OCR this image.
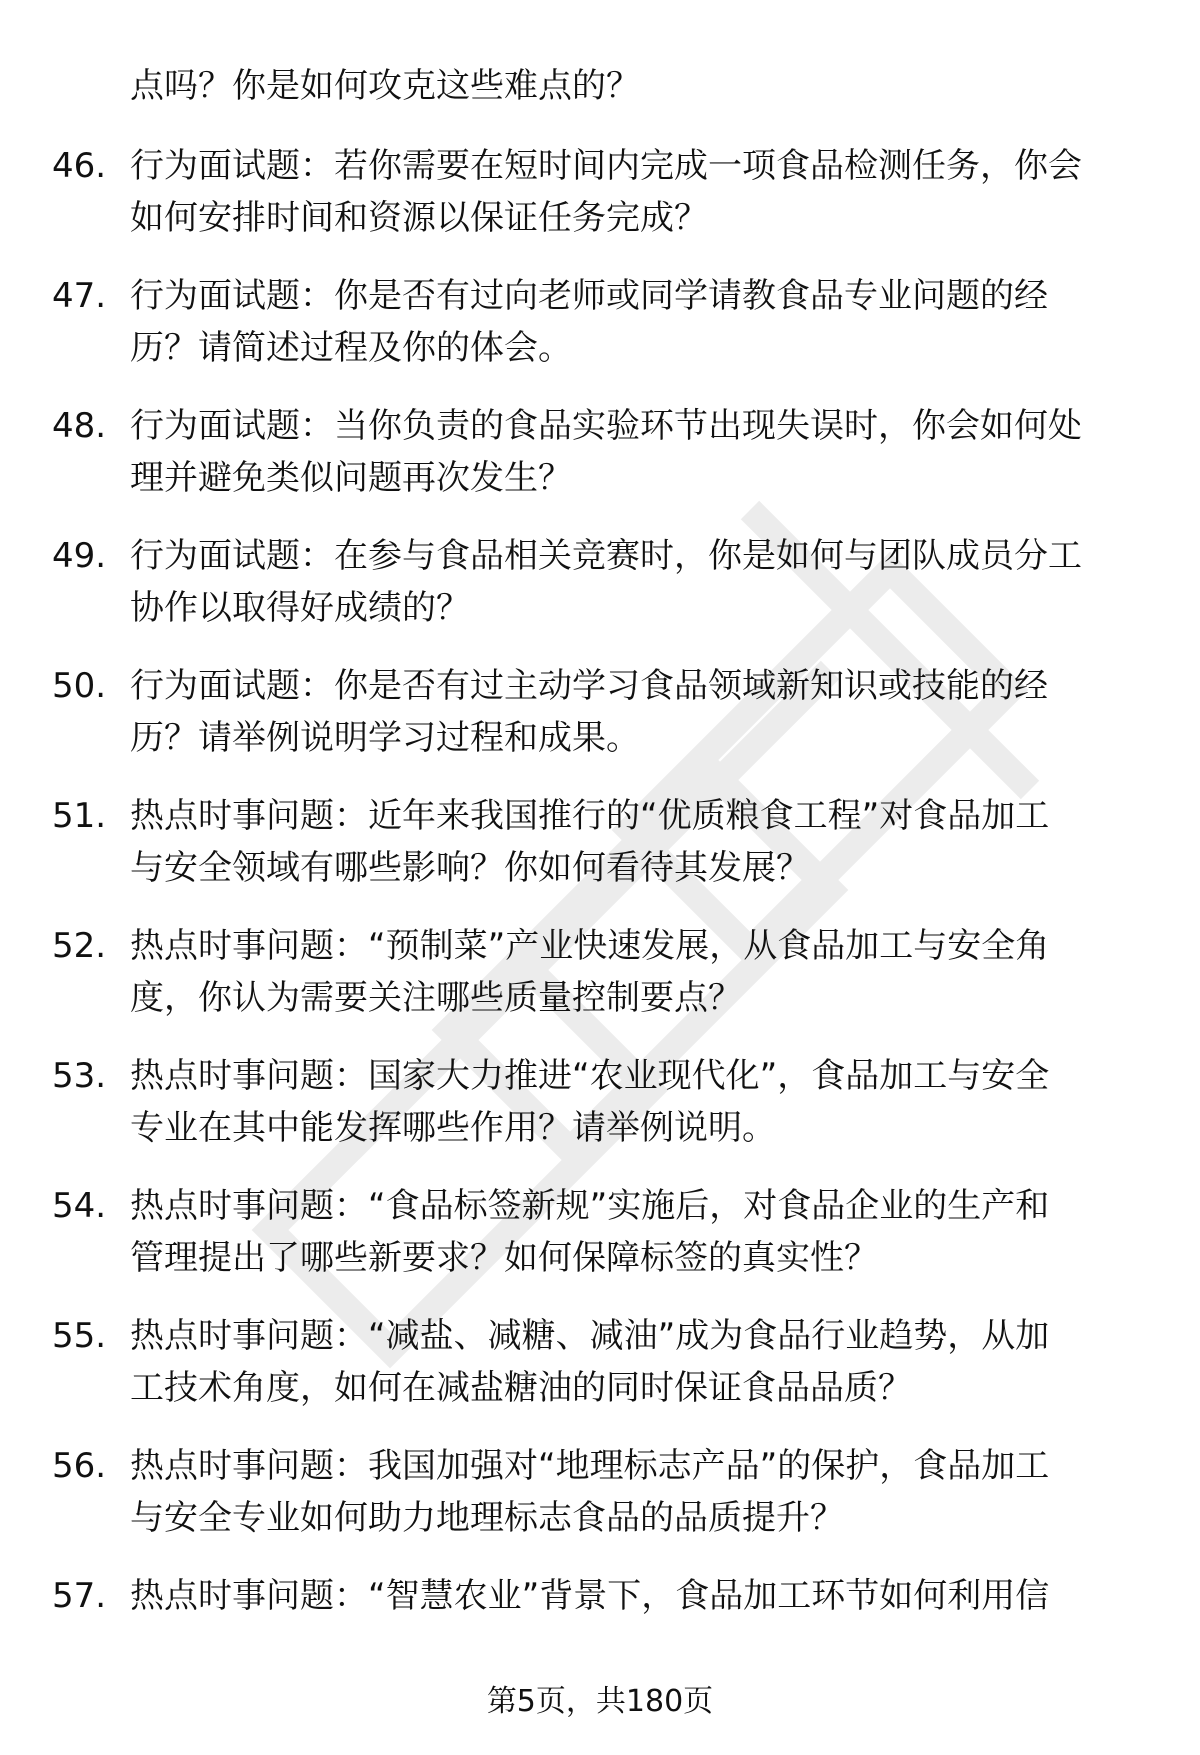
点吗？你是如何攻克这些难点的？
46. 行为面试题：若你需要在短时间内完成一项食品检测任务，你会
如何安排时间和资源以保证任务完成？
47. 行为面试题：你是否有过向老师或同学请教食品专业问题的经
历？请简述过程及你的体会。
48. 行为面试题：当你负责的食品实验环节出现失误时，你会如何处
理并避免类似问题再次发生？
49. 行为面试题：在参与食品相关竞赛时，你是如何与团队成员分工
协作以取得好成绩的？
50. 行为面试题：你是否有过主动学习食品领域新知识或技能的经
历？请举例说明学习过程和成果。
51. 热点时事问题：近年来我国推行的“优质粮食工程”对食品加工
与安全领域有哪些影响？你如何看待其发展？
52. 热点时事问题：“预制菜”产业快速发展，从食品加工与安全角
度，你认为需要关注哪些质量控制要点？
53. 热点时事问题：国家大力推进“农业现代化”，食品加工与安全
专业在其中能发挥哪些作用？请举例说明。
54. 热点时事问题：“食品标签新规”实施后，对食品企业的生产和
管理提出了哪些新要求？如何保障标签的真实性？
55. 热点时事问题：“减盐、减糖、减油”成为食品行业趋势，从加
工技术角度，如何在减盐糖油的同时保证食品品质？
56. 热点时事问题：我国加强对“地理标志产品”的保护，食品加工
与安全专业如何助力地理标志食品的品质提升？
57. 热点时事问题：“智慧农业”背景下，食品加工环节如何利用信
第5页，共180页
